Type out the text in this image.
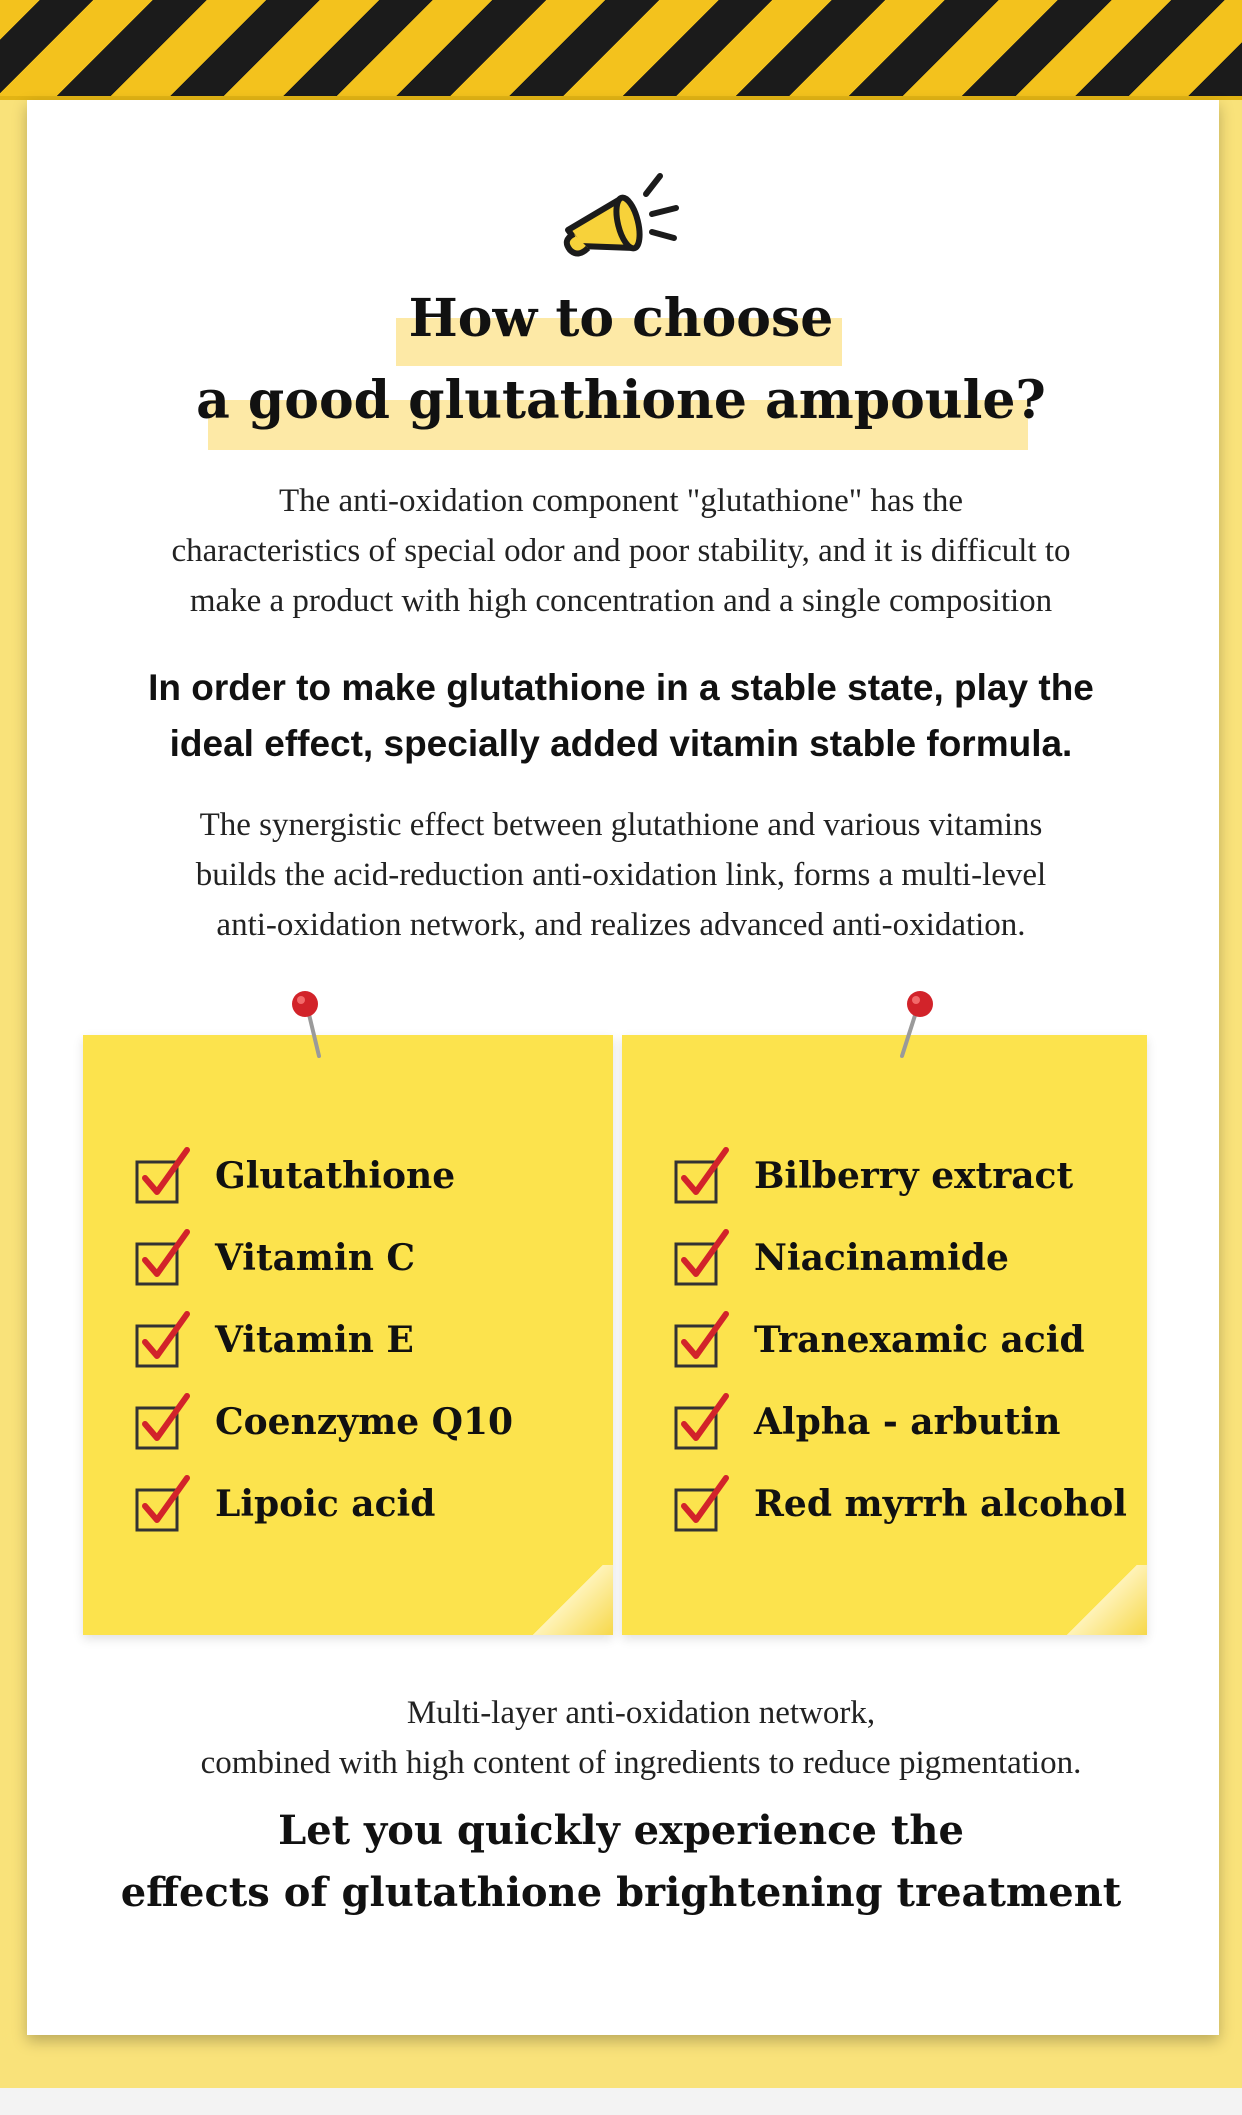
How to choose
a good glutathione ampoule?
The anti-oxidation component "glutathione" has the
characteristics of special odor and poor stability, and it is difficult to
make a product with high concentration and a single composition
In order to make glutathione in a stable state, play the
ideal effect, specially added vitamin stable formula.
The synergistic effect between glutathione and various vitamins
builds the acid-reduction anti-oxidation link, forms a multi-level
anti-oxidation network, and realizes advanced anti-oxidation.
Glutathione
Vitamin C
Vitamin E
Coenzyme Q10
Lipoic acid
Bilberry extract
Niacinamide
Tranexamic acid
Alpha - arbutin
Red myrrh alcohol
Multi-layer anti-oxidation network,
combined with high content of ingredients to reduce pigmentation.
Let you quickly experience the
effects of glutathione brightening treatment
